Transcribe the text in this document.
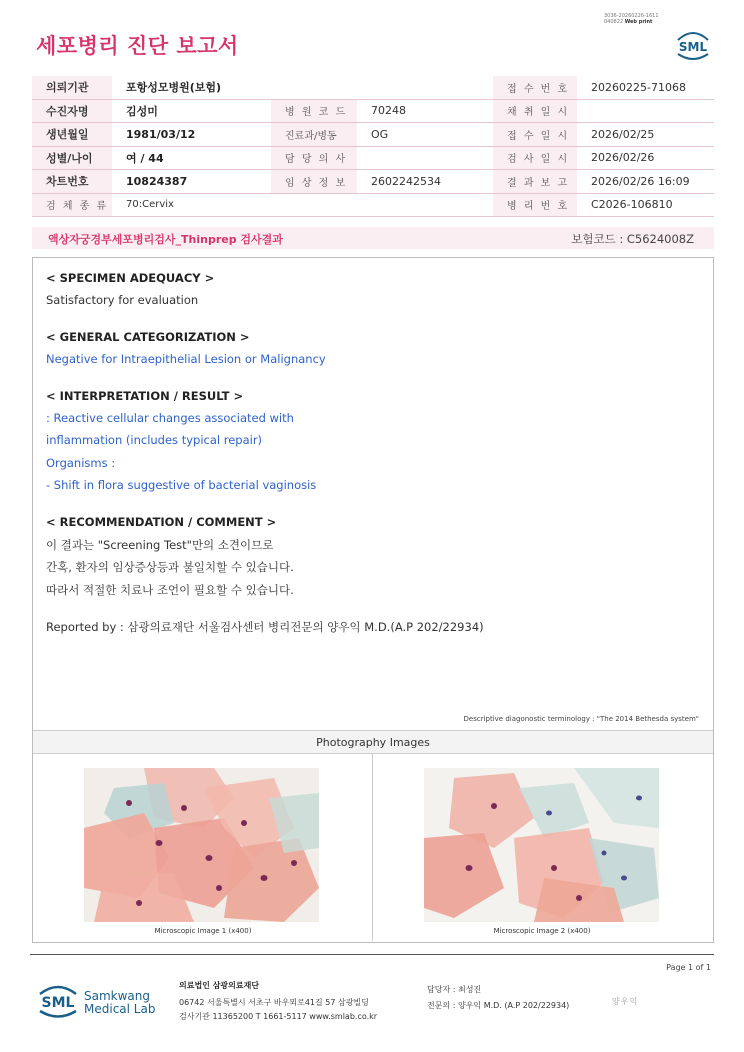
세포병리 진단 보고서
3036-20260226-1611
040822 Web print
SML
의뢰기관	포항성모병원(보험)			접 수 번 호	20260225-71068
수진자명	김성미	병 원 코 드	70248	채 취 일 시	
생년월일	1981/03/12	진료과/병동	OG	접 수 일 시	2026/02/25
성별/나이	여 / 44	담 당 의 사		검 사 일 시	2026/02/26
차트번호	10824387	임 상 정 보	2602242534	결 과 보 고	2026/02/26 16:09
검 체 종 류	70:Cervix			병 리 번 호	C2026-106810
액상자궁경부세포병리검사_Thinprep 검사결과	보험코드 : C5624008Z
< SPECIMEN ADEQUACY >
Satisfactory for evaluation
< GENERAL CATEGORIZATION >
Negative for Intraepithelial Lesion or Malignancy
< INTERPRETATION / RESULT >
: Reactive cellular changes associated with
inflammation (includes typical repair)
Organisms :
- Shift in flora suggestive of bacterial vaginosis
< RECOMMENDATION / COMMENT >
이 결과는 "Screening Test"만의 소견이므로
간혹, 환자의 임상증상등과 불일치할 수 있습니다.
따라서 적절한 치료나 조언이 필요할 수 있습니다.
Reported by : 삼광의료재단 서울검사센터 병리전문의 양우익 M.D.(A.P 202/22934)
Descriptive diagonostic terminology : "The 2014 Bethesda system"
Photography Images
Microscopic Image 1 (x400)	Microscopic Image 2 (x400)
Page 1 of 1
SML Samkwang
Medical Lab
의료법인 삼광의료재단
06742 서울특별시 서초구 바우뫼로41길 57 삼광빌딩
검사기관 11365200 T 1661-5117 www.smlab.co.kr
담당자 : 최성진
전문의 : 양우익 M.D. (A.P 202/22934)	양우익
